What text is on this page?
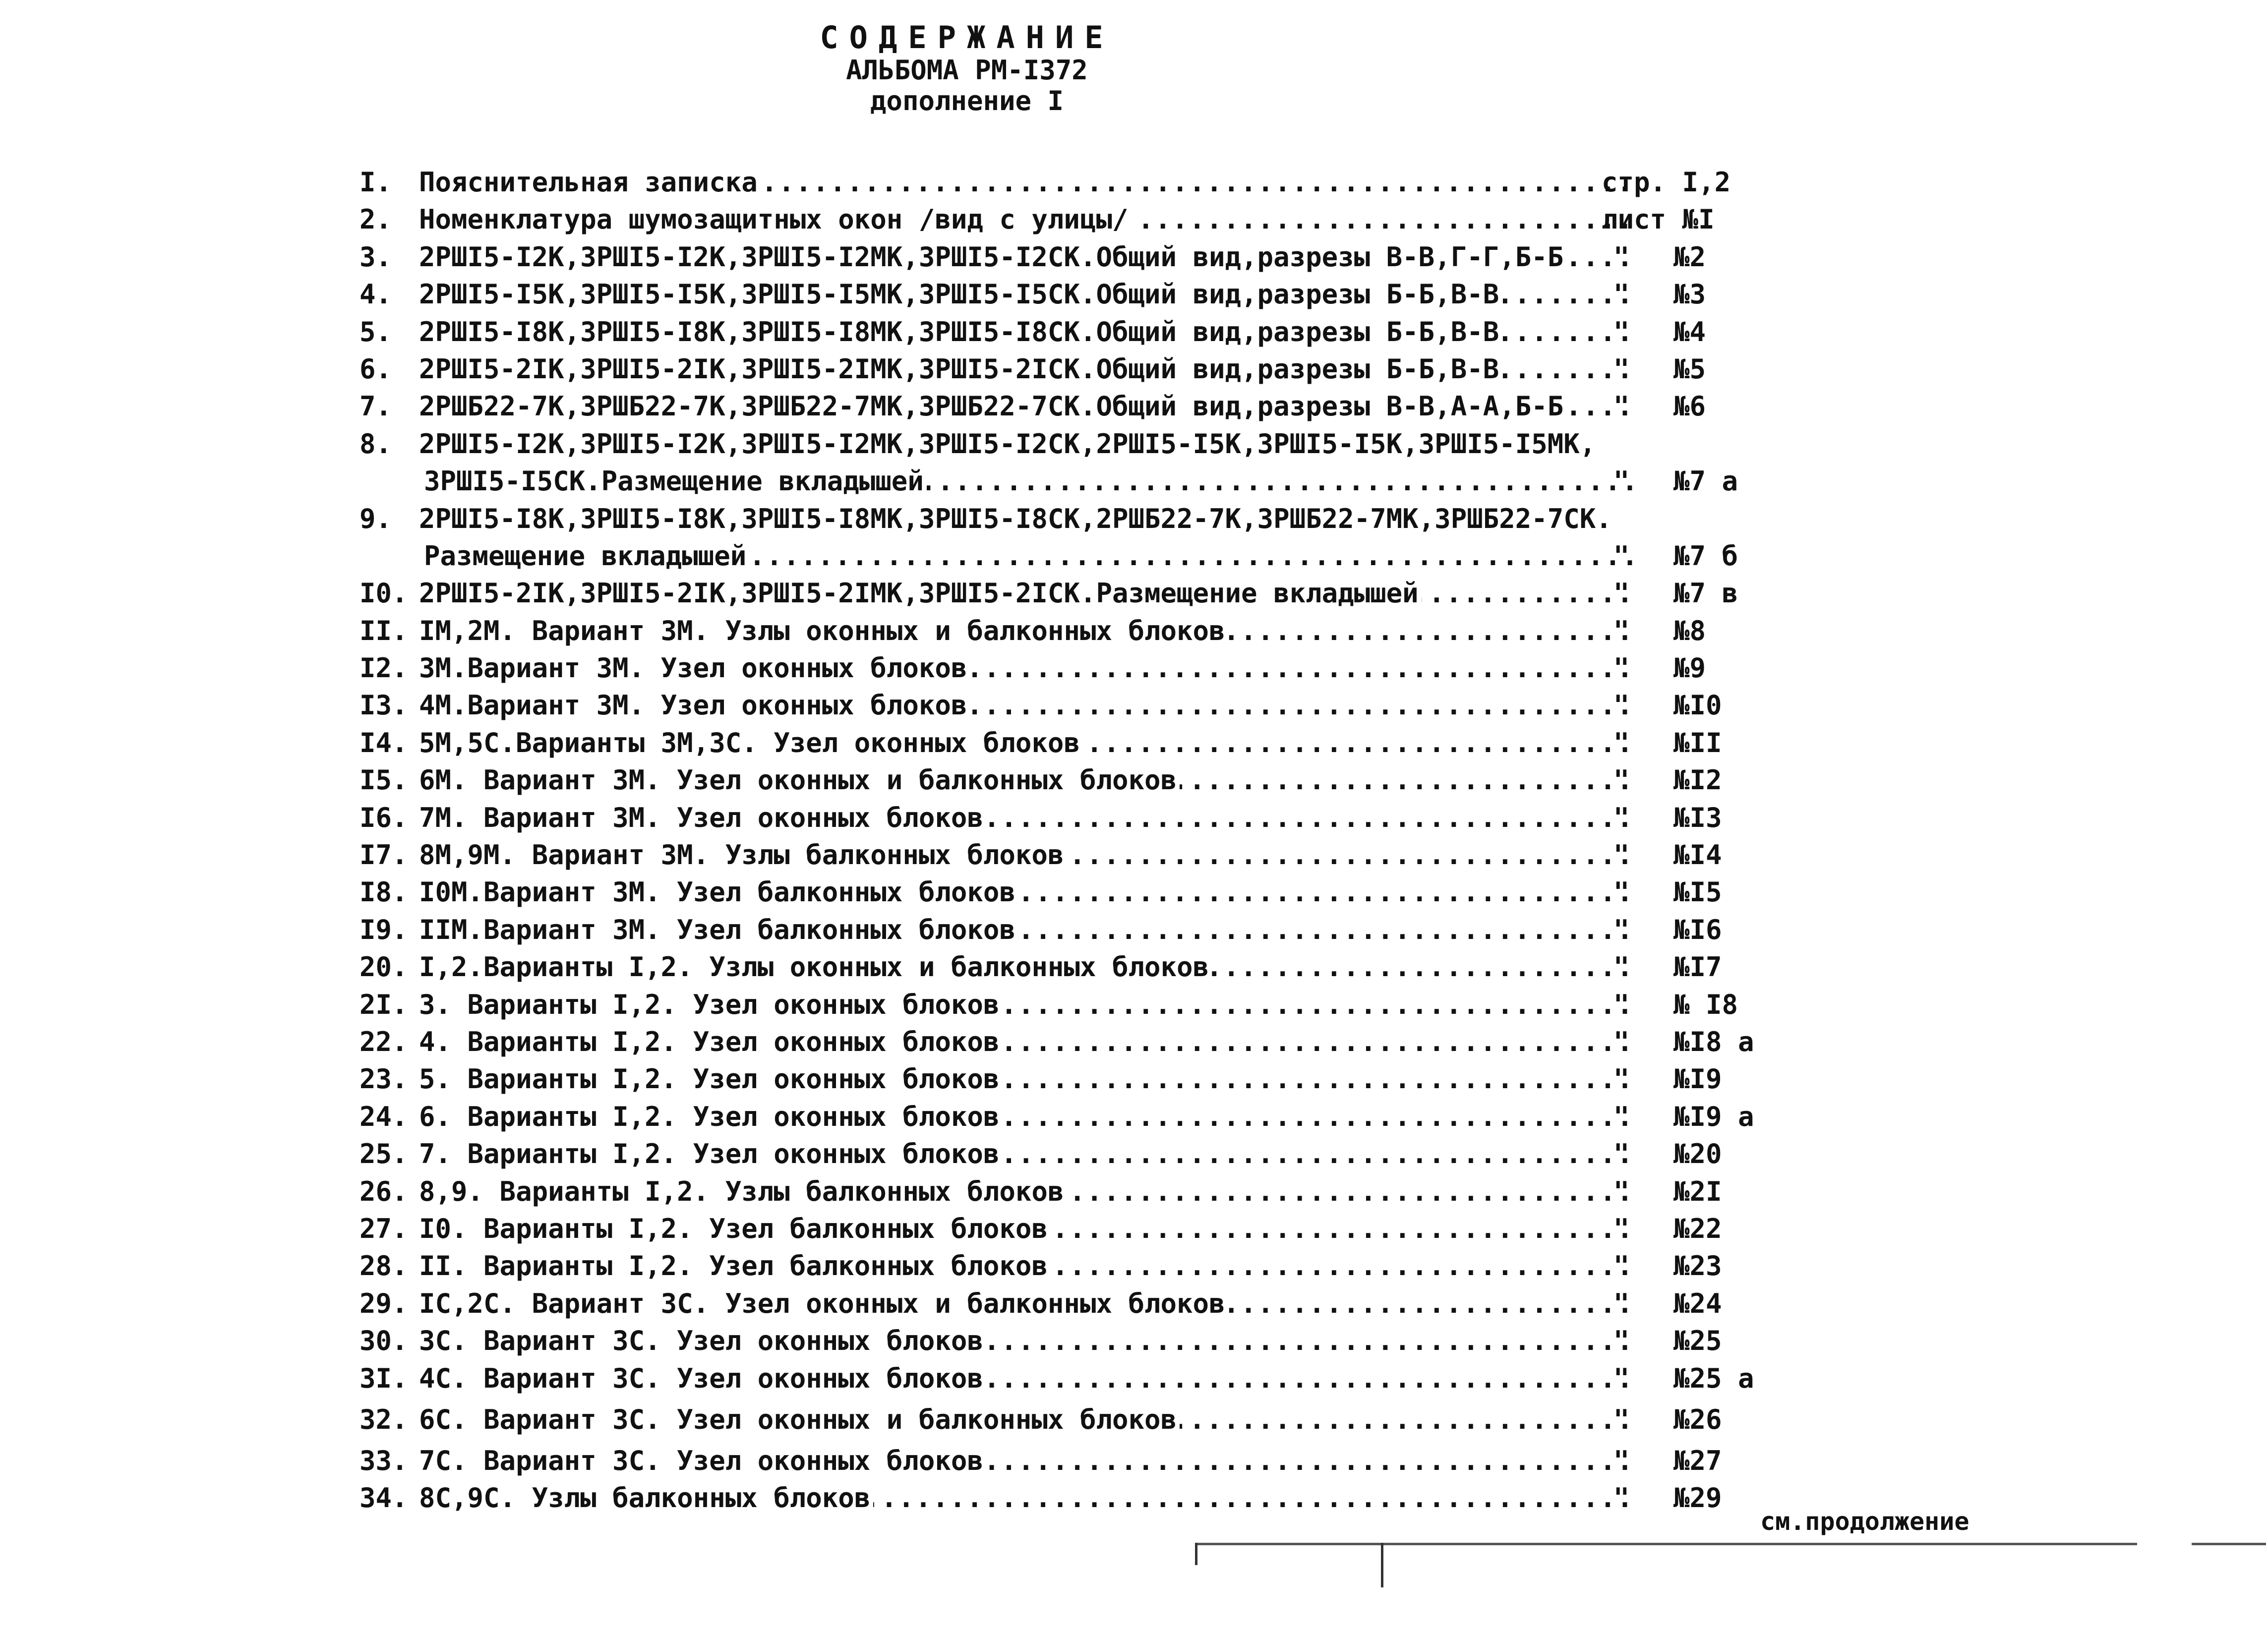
СОДЕРЖАНИЕ
АЛЬБОМА РМ-I372
дополнение I
I.	Пояснительная записка .....	стр. I,2
2.	Номенклатура шумозащитных окон /вид с улицы/ .....	лист №I
3.	2РШI5-I2К,3РШI5-I2К,3РШI5-I2МК,3РШI5-I2СК.Общий вид,разрезы В-В,Г-Г,Б-Б .....	"	№2
4.	2РШI5-I5К,3РШI5-I5К,3РШI5-I5МК,3РШI5-I5СК.Общий вид,разрезы Б-Б,В-В .....	"	№3
5.	2РШI5-I8К,3РШI5-I8К,3РШI5-I8МК,3РШI5-I8СК.Общий вид,разрезы Б-Б,В-В .....	"	№4
6.	2РШI5-2IК,3РШI5-2IК,3РШI5-2IМК,3РШI5-2IСК.Общий вид,разрезы Б-Б,В-В .....	"	№5
7.	2РШБ22-7К,3РШБ22-7К,3РШБ22-7МК,3РШБ22-7СК.Общий вид,разрезы В-В,А-А,Б-Б .....	"	№6
8.	2РШI5-I2К,3РШI5-I2К,3РШI5-I2МК,3РШI5-I2СК,2РШI5-I5К,3РШI5-I5К,3РШI5-I5МК,
3РШI5-I5СК.Размещение вкладышей .....	"	№7 а
9.	2РШI5-I8К,3РШI5-I8К,3РШI5-I8МК,3РШI5-I8СК,2РШБ22-7К,3РШБ22-7МК,3РШБ22-7СК.
Размещение вкладышей .....	"	№7 б
I0. 2РШI5-2IК,3РШI5-2IК,3РШI5-2IМК,3РШI5-2IСК.Размещение вкладышей .....	"	№7 в
II. IМ,2М. Вариант 3М. Узлы оконных и балконных блоков .....	"	№8
I2. 3М.Вариант 3М. Узел оконных блоков .....	"	№9
I3. 4М.Вариант 3М. Узел оконных блоков .....	"	№I0
I4. 5М,5С.Варианты 3М,3С. Узел оконных блоков .....	"	№II
I5. 6М. Вариант 3М. Узел оконных и балконных блоков .....	"	№I2
I6. 7М. Вариант 3М. Узел оконных блоков .....	"	№I3
I7. 8М,9М. Вариант 3М. Узлы балконных блоков .....	"	№I4
I8. I0М.Вариант 3М. Узел балконных блоков .....	"	№I5
I9. IIМ.Вариант 3М. Узел балконных блоков .....	"	№I6
20. I,2.Варианты I,2. Узлы оконных и балконных блоков .....	"	№I7
2I. 3. Варианты I,2. Узел оконных блоков .....	"	№ I8
22. 4. Варианты I,2. Узел оконных блоков .....	"	№I8 а
23. 5. Варианты I,2. Узел оконных блоков .....	"	№I9
24. 6. Варианты I,2. Узел оконных блоков .....	"	№I9 а
25. 7. Варианты I,2. Узел оконных блоков .....	"	№20
26. 8,9. Варианты I,2. Узлы балконных блоков .....	"	№2I
27. I0. Варианты I,2. Узел балконных блоков .....	"	№22
28. II. Варианты I,2. Узел балконных блоков .....	"	№23
29. IС,2С. Вариант 3С. Узел оконных и балконных блоков .....	"	№24
30. 3С. Вариант 3С. Узел оконных блоков .....	"	№25
3I. 4С. Вариант 3С. Узел оконных блоков .....	"	№25 а
32. 6С. Вариант 3С. Узел оконных и балконных блоков .....	"	№26
33. 7С. Вариант 3С. Узел оконных блоков .....	"	№27
34. 8С,9С. Узлы балконных блоков .....	"	№29
см.продолжение
